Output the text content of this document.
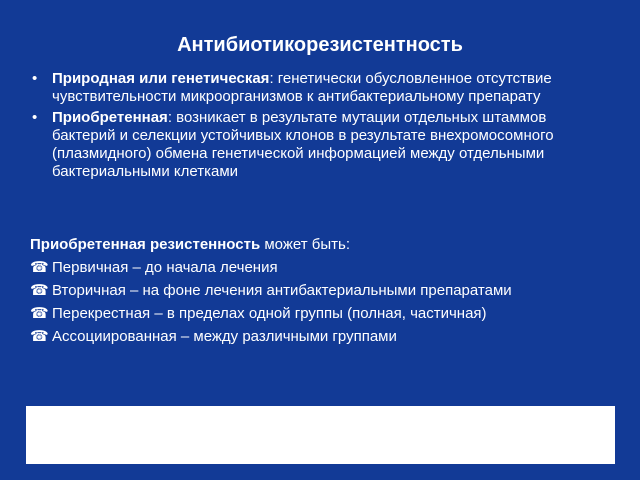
Антибиотикорезистентность
• Природная или генетическая: генетически обусловленное отсутствие чувствительности микроорганизмов к антибактериальному препарату
• Приобретенная: возникает в результате мутации отдельных штаммов бактерий и селекции устойчивых клонов в результате внехромосомного (плазмидного) обмена генетической информацией между отдельными бактериальными клетками
Приобретенная резистенность может быть:
☎ Первичная – до начала лечения
☎ Вторичная – на фоне лечения антибактериальными препаратами
☎ Перекрестная – в пределах одной группы (полная, частичная)
☎ Ассоциированная – между различными группами
